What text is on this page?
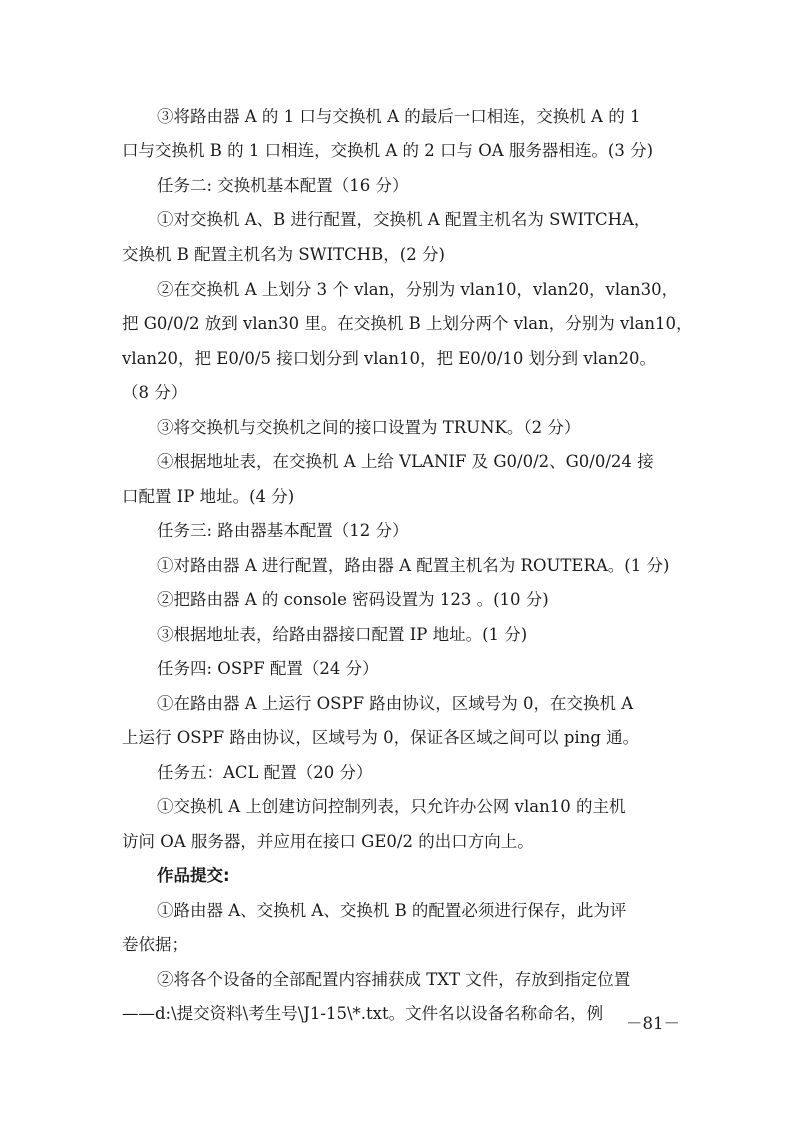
③将路由器 A 的 1 口与交换机 A 的最后一口相连，交换机 A 的 1
口与交换机 B 的 1 口相连，交换机 A 的 2 口与 OA 服务器相连。(3 分)
任务二: 交换机基本配置（16 分）
①对交换机 A、B 进行配置，交换机 A 配置主机名为 SWITCHA，
交换机 B 配置主机名为 SWITCHB，(2 分)
②在交换机 A 上划分 3 个 vlan，分别为 vlan10，vlan20，vlan30，
把 G0/0/2 放到 vlan30 里。在交换机 B 上划分两个 vlan，分别为 vlan10，
vlan20，把 E0/0/5 接口划分到 vlan10，把 E0/0/10 划分到 vlan20。
（8 分）
③将交换机与交换机之间的接口设置为 TRUNK。（2 分）
④根据地址表，在交换机 A 上给 VLANIF 及 G0/0/2、G0/0/24 接
口配置 IP 地址。(4 分)
任务三: 路由器基本配置（12 分）
①对路由器 A 进行配置，路由器 A 配置主机名为 ROUTERA。(1 分)
②把路由器 A 的 console 密码设置为 123 。(10 分)
③根据地址表，给路由器接口配置 IP 地址。(1 分)
任务四: OSPF 配置（24 分）
①在路由器 A 上运行 OSPF 路由协议，区域号为 0，在交换机 A
上运行 OSPF 路由协议，区域号为 0，保证各区域之间可以 ping 通。
任务五：ACL 配置（20 分）
①交换机 A 上创建访问控制列表，只允许办公网 vlan10 的主机
访问 OA 服务器，并应用在接口 GE0/2 的出口方向上。
作品提交:
①路由器 A、交换机 A、交换机 B 的配置必须进行保存，此为评
卷依据；
②将各个设备的全部配置内容捕获成 TXT 文件，存放到指定位置
——d:\提交资料\考生号\J1-15\*.txt。文件名以设备名称命名，例
－81－
